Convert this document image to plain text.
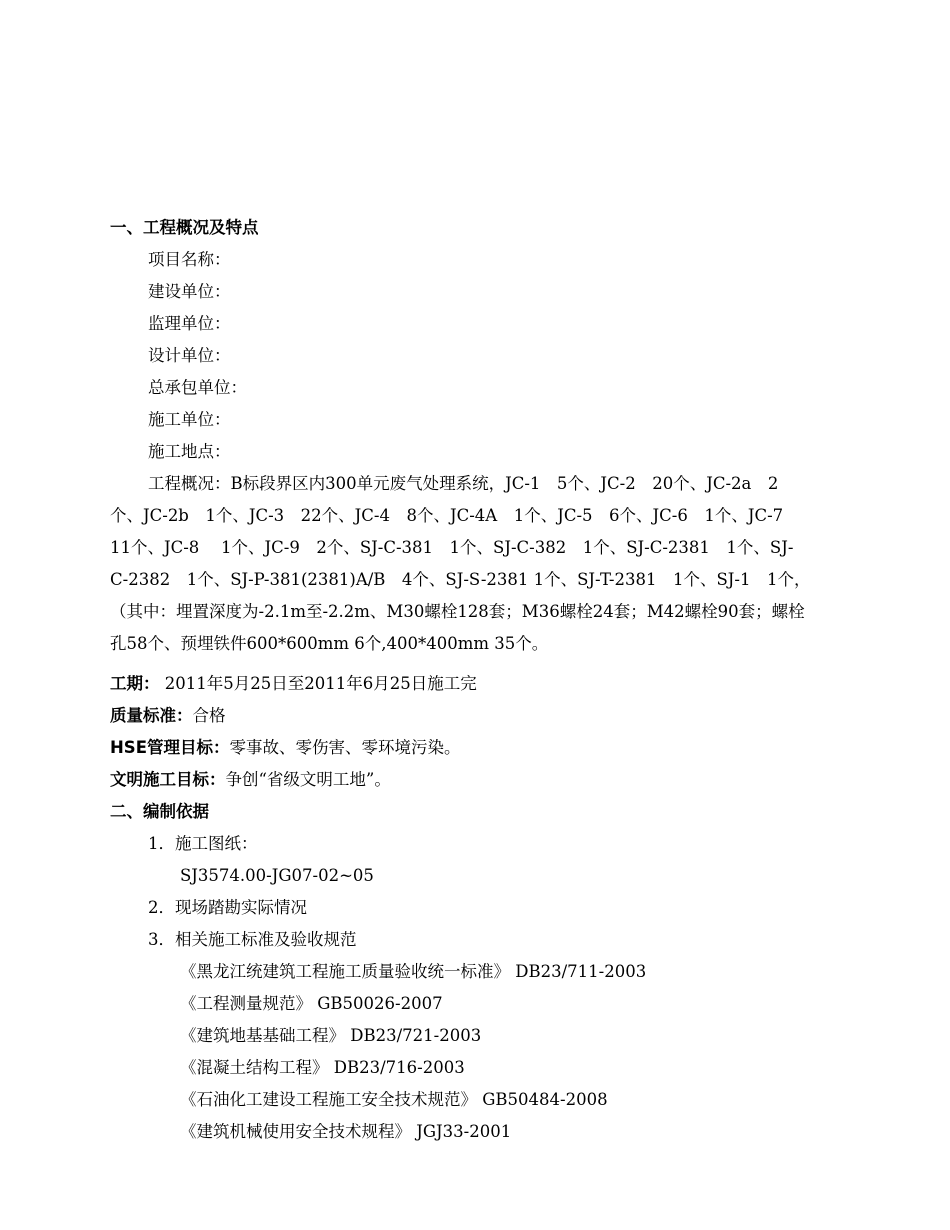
一、工程概况及特点
项目名称：
建设单位：
监理单位：
设计单位：
总承包单位：
施工单位：
施工地点：
工程概况：B标段界区内300单元废气处理系统，JC-1　5个、JC-2　20个、JC-2a　2
个、JC-2b　1个、JC-3　22个、JC-4　8个、JC-4A　1个、JC-5　6个、JC-6　1个、JC-7
11个、JC-8　 1个、JC-9　2个、SJ-C-381　1个、SJ-C-382　1个、SJ-C-2381　1个、SJ-
C-2382　1个、SJ-P-381(2381)A/B　4个、SJ-S-2381 1个、SJ-T-2381　1个、SJ-1　1个，
（其中：埋置深度为-2.1m至-2.2m、M30螺栓128套；M36螺栓24套；M42螺栓90套；螺栓
孔58个、预埋铁件600*600mm 6个,400*400mm 35个。
工期： 2011年5月25日至2011年6月25日施工完
质量标准：合格
HSE管理目标：零事故、零伤害、零环境污染。
文明施工目标：争创“省级文明工地”。
二、编制依据
1．施工图纸：
SJ3574.00-JG07-02~05
2．现场踏勘实际情况
3．相关施工标准及验收规范
《黑龙江统建筑工程施工质量验收统一标准》 DB23/711-2003
《工程测量规范》 GB50026-2007
《建筑地基基础工程》 DB23/721-2003
《混凝土结构工程》 DB23/716-2003
《石油化工建设工程施工安全技术规范》 GB50484-2008
《建筑机械使用安全技术规程》 JGJ33-2001
